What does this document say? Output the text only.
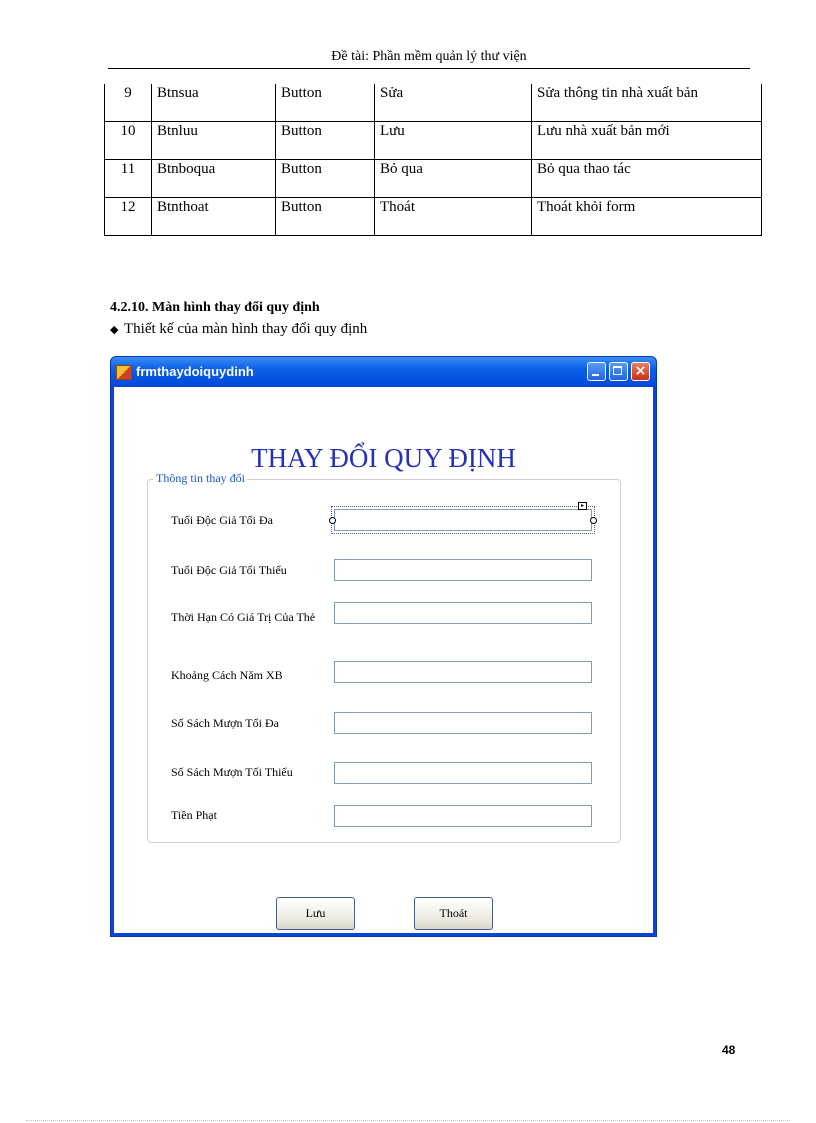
Đề tài: Phần mềm quản lý thư viện
9	Btnsua	Button	Sửa	Sửa thông tin nhà xuất bản
10	Btnluu	Button	Lưu	Lưu nhà xuất bản mới
11	Btnboqua	Button	Bỏ qua	Bỏ qua thao tác
12	Btnthoat	Button	Thoát	Thoát khỏi form
4.2.10. Màn hình thay đổi quy định
◆ Thiết kế của màn hình thay đổi quy định
frmthaydoiquydinh	×
THAY ĐỔI QUY ĐỊNH
Thông tin thay đổi
Tuổi Độc Giả Tối Đa
▸
Tuổi Độc Giả Tối Thiểu
Thời Hạn Có Giá Trị Của Thẻ
Khoảng Cách Năm XB
Số Sách Mượn Tối Đa
Số Sách Mượn Tối Thiểu
Tiền Phạt
Lưu	Thoát
48
